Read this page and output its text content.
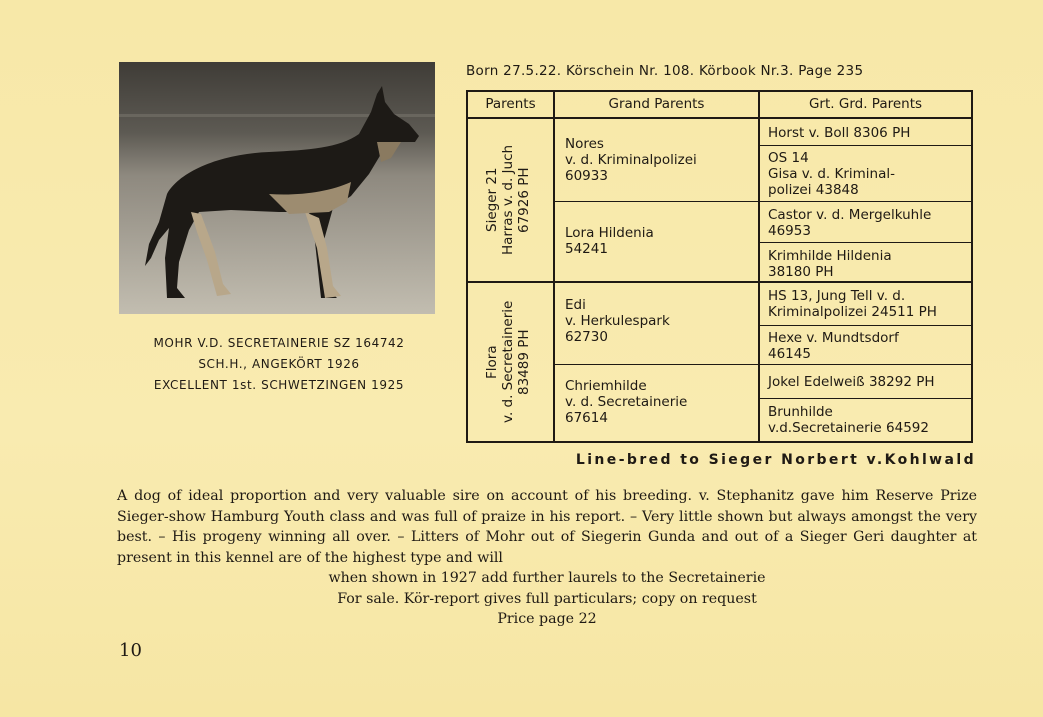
MOHR V.D. SECRETAINERIE SZ 164742
SCH.H., ANGEKÖRT 1926
EXCELLENT 1st. SCHWETZINGEN 1925
Born 27.5.22. Körschein Nr. 108. Körbook Nr.3. Page 235
Parents	Grand Parents	Grt. Grd. Parents
Sieger 21
Harras v. d. Juch
67926 PH
Flora
v. d. Secretainerie
83489 PH
Nores
v. d. Kriminalpolizei
60933
Lora Hildenia
54241
Edi
v. Herkulespark
62730
Chriemhilde
v. d. Secretainerie
67614
Horst v. Boll 8306 PH
OS 14
Gisa v. d. Kriminal-
polizei 43848
Castor v. d. Mergelkuhle
46953
Krimhilde Hildenia
38180 PH
HS 13, Jung Tell v. d.
Kriminalpolizei 24511 PH
Hexe v. Mundtsdorf
46145
Jokel Edelweiß 38292 PH
Brunhilde
v.d.Secretainerie 64592
Line-bred to Sieger Norbert v.Kohlwald

A dog of ideal proportion and very valuable sire on account of his breeding. v. Stephanitz gave him Reserve Prize Sieger-show Hamburg Youth class and was full of praize in his report. – Very little shown but always amongst the very best. – His progeny winning all over. – Litters of Mohr out of Siegerin Gunda and out of a Sieger Geri daughter at present in this kennel are of the highest type and will

when shown in 1927 add further laurels to the Secretainerie

For sale. Kör-report gives full particulars; copy on request

Price page 22

10
